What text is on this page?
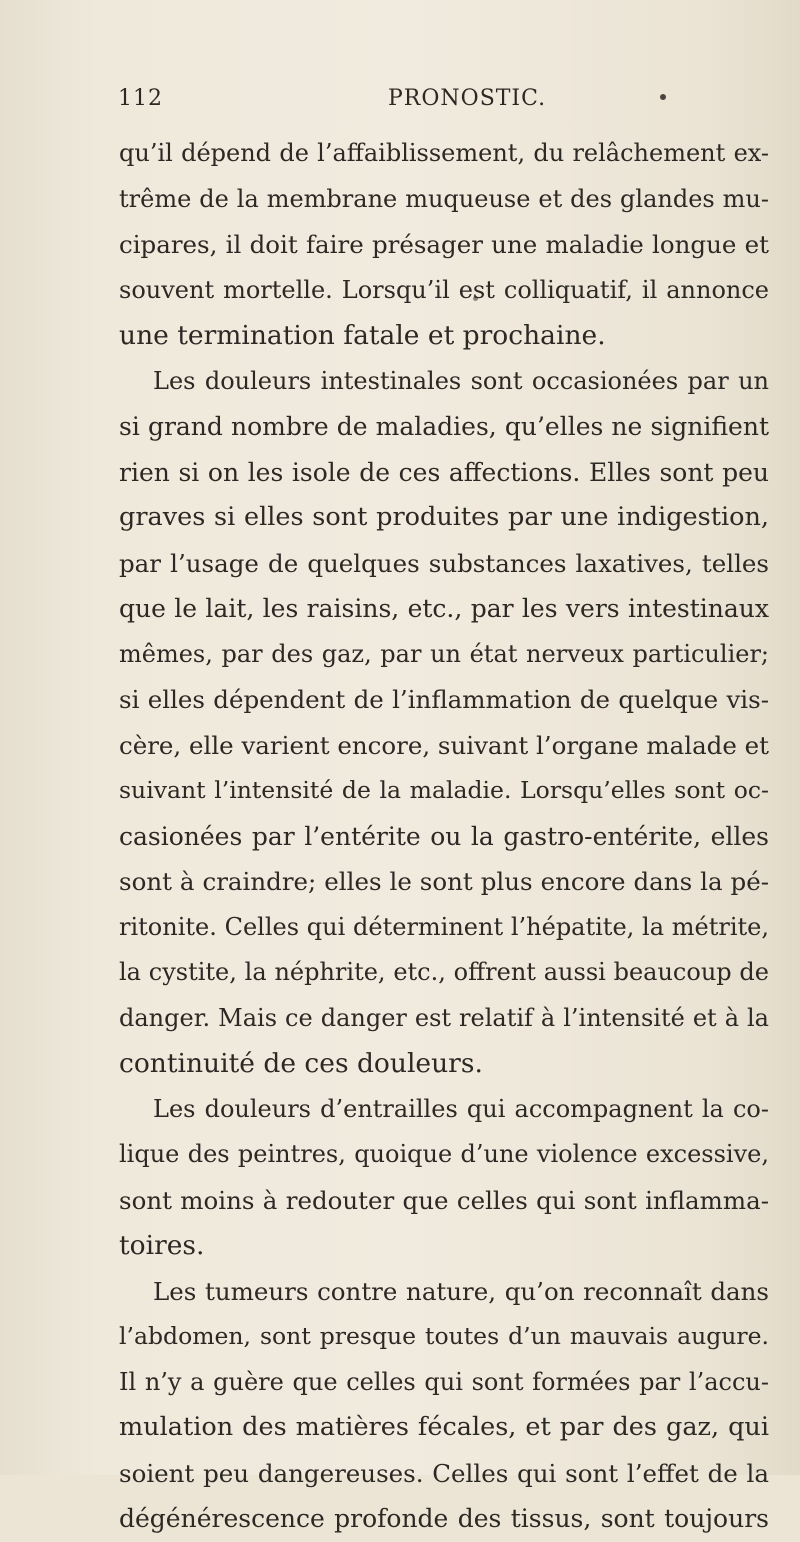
112	PRONOSTIC.
qu’il dépend de l’affaiblissement, du relâchement ex-
trême de la membrane muqueuse et des glandes mu-
cipares, il doit faire présager une maladie longue et
souvent mortelle. Lorsqu’il est colliquatif, il annonce
une termination fatale et prochaine.
Les douleurs intestinales sont occasionées par un
si grand nombre de maladies, qu’elles ne signifient
rien si on les isole de ces affections. Elles sont peu
graves si elles sont produites par une indigestion,
par l’usage de quelques substances laxatives, telles
que le lait, les raisins, etc., par les vers intestinaux
mêmes, par des gaz, par un état nerveux particulier;
si elles dépendent de l’inflammation de quelque vis-
cère, elle varient encore, suivant l’organe malade et
suivant l’intensité de la maladie. Lorsqu’elles sont oc-
casionées par l’entérite ou la gastro-entérite, elles
sont à craindre; elles le sont plus encore dans la pé-
ritonite. Celles qui déterminent l’hépatite, la métrite,
la cystite, la néphrite, etc., offrent aussi beaucoup de
danger. Mais ce danger est relatif à l’intensité et à la
continuité de ces douleurs.
Les douleurs d’entrailles qui accompagnent la co-
lique des peintres, quoique d’une violence excessive,
sont moins à redouter que celles qui sont inflamma-
toires.
Les tumeurs contre nature, qu’on reconnaît dans
l’abdomen, sont presque toutes d’un mauvais augure.
Il n’y a guère que celles qui sont formées par l’accu-
mulation des matières fécales, et par des gaz, qui
soient peu dangereuses. Celles qui sont l’effet de la
dégénérescence profonde des tissus, sont toujours
